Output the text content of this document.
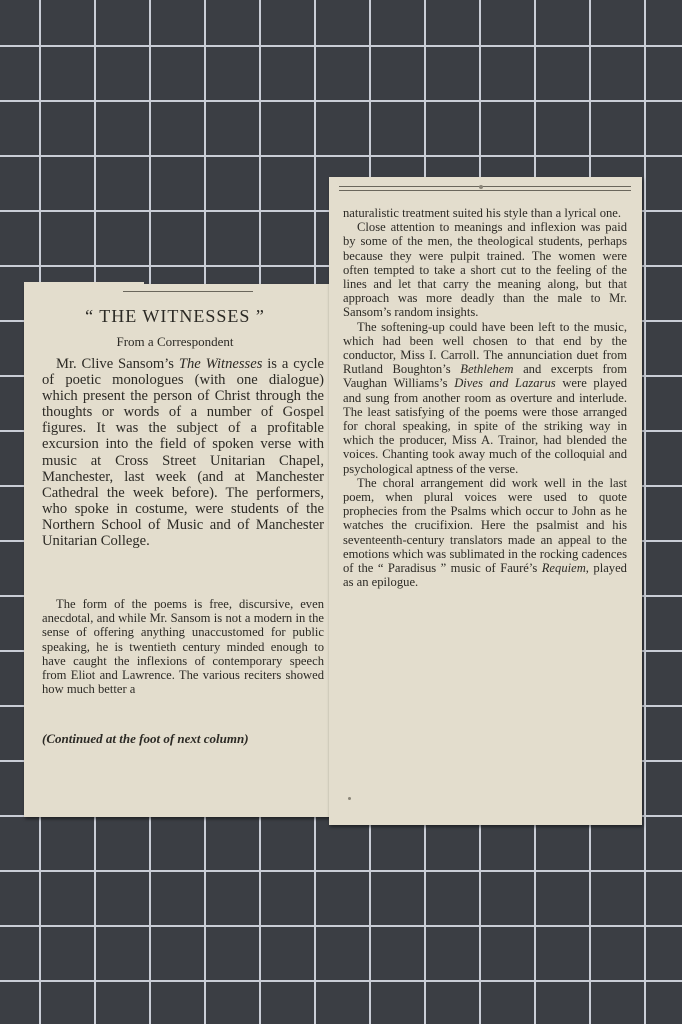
“ THE WITNESSES ”

From a Correspondent

Mr. Clive Sansom’s The Witnesses is a cycle of poetic monologues (with one dialogue) which present the person of Christ through the thoughts or words of a number of Gospel figures. It was the subject of a profitable excursion into the field of spoken verse with music at Cross Street Unitarian Chapel, Manchester, last week (and at Manchester Cathedral the week before). The performers, who spoke in costume, were students of the Northern School of Music and of Manchester Unitarian College.

The form of the poems is free, discursive, even anecdotal, and while Mr. Sansom is not a modern in the sense of offering anything unaccustomed for public speaking, he is twentieth century minded enough to have caught the inflexions of contemporary speech from Eliot and Lawrence. The various reciters showed how much better a

(Continued at the foot of next column)

naturalistic treatment suited his style than a lyrical one.

Close attention to meanings and inflexion was paid by some of the men, the theological students, perhaps because they were pulpit trained. The women were often tempted to take a short cut to the feeling of the lines and let that carry the meaning along, but that approach was more deadly than the male to Mr. Sansom’s random insights.

The softening-up could have been left to the music, which had been well chosen to that end by the conductor, Miss I. Carroll. The annunciation duet from Rutland Boughton’s Bethlehem and excerpts from Vaughan Williams’s Dives and Lazarus were played and sung from another room as overture and interlude. The least satisfying of the poems were those arranged for choral speaking, in spite of the striking way in which the producer, Miss A. Trainor, had blended the voices. Chanting took away much of the colloquial and psychological aptness of the verse.

The choral arrangement did work well in the last poem, when plural voices were used to quote prophecies from the Psalms which occur to John as he watches the crucifixion. Here the psalmist and his seventeenth-century translators made an appeal to the emotions which was sublimated in the rocking cadences of the “ Paradisus ” music of Fauré’s Requiem, played as an epilogue.
